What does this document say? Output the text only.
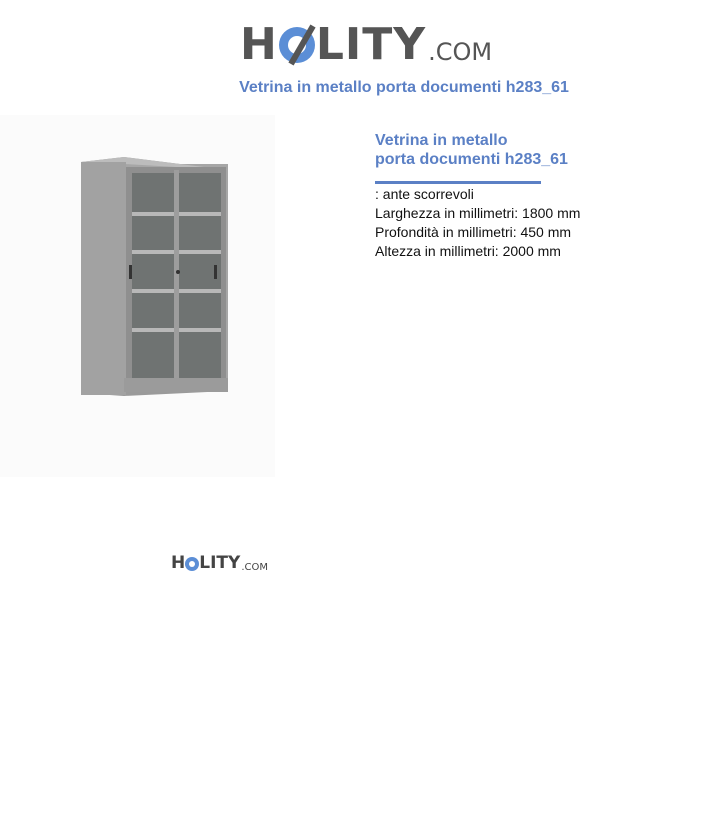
H LITY .COM
Vetrina in metallo porta documenti h283_61
H LITY .COM
Vetrina in metallo
porta documenti h283_61
: ante scorrevoli
Larghezza in millimetri: 1800 mm
Profondità in millimetri: 450 mm
Altezza in millimetri: 2000 mm
